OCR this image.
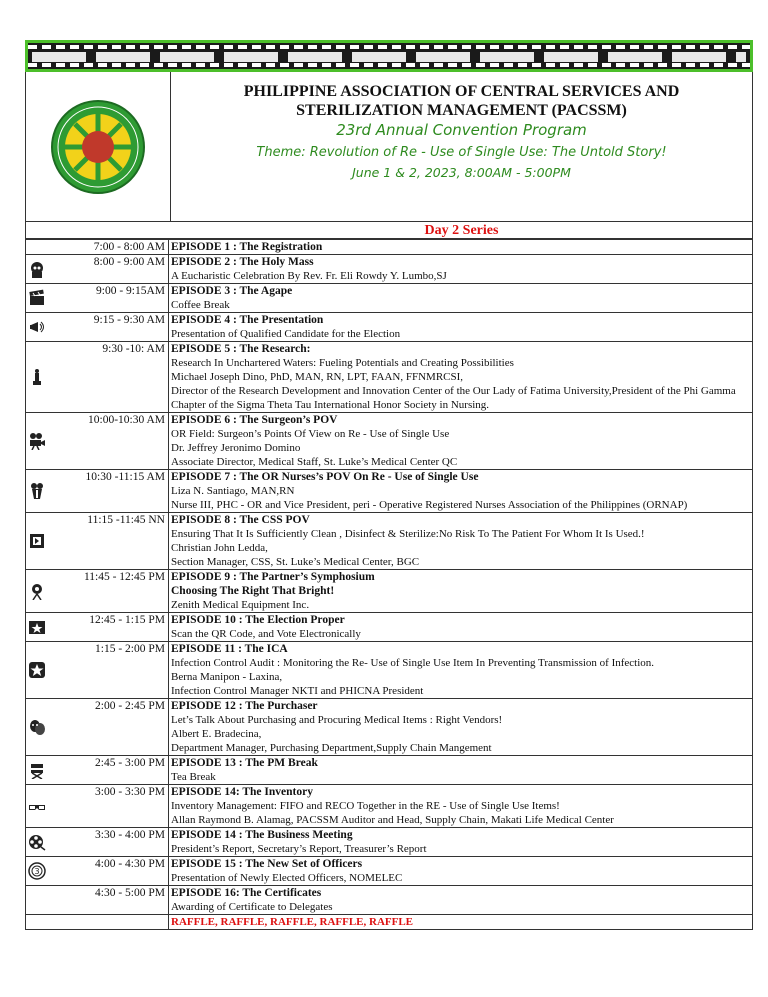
PHILIPPINE ASSOCIATION OF CENTRAL SERVICES AND
STERILIZATION MANAGEMENT (PACSSM)
23rd Annual Convention Program
Theme: Revolution of Re - Use of Single Use: The Untold Story!
June 1 & 2, 2023, 8:00AM - 5:00PM
Day 2 Series
	7:00 - 8:00 AM	EPISODE 1 : The Registration

	8:00 - 9:00 AM	EPISODE 2 : The Holy Mass
A Eucharistic Celebration By Rev. Fr. Eli Rowdy Y. Lumbo,SJ

	9:00 - 9:15AM	EPISODE 3 : The Agape
Coffee Break

	9:15 - 9:30 AM	EPISODE 4 : The Presentation
Presentation of Qualified Candidate for the Election

	9:30 -10: AM	EPISODE 5 : The Research:
Research In Unchartered Waters: Fueling Potentials and Creating Possibilities
Michael Joseph Dino, PhD, MAN, RN, LPT, FAAN, FFNMRCSI,
Director of the Research Development and Innovation Center of the Our Lady of Fatima University,President of the Phi Gamma Chapter of the Sigma Theta Tau International Honor Society in Nursing.

	10:00-10:30 AM	EPISODE 6 : The Surgeon’s POV
OR Field: Surgeon’s Points Of View on Re - Use of Single Use
Dr. Jeffrey Jeronimo Domino
Associate Director, Medical Staff, St. Luke’s Medical Center QC

	10:30 -11:15 AM	EPISODE 7 : The OR Nurses’s POV On Re - Use of Single Use
Liza N. Santiago, MAN,RN
Nurse III, PHC - OR and Vice President, peri - Operative Registered Nurses Association of the Philippines (ORNAP)

	11:15 -11:45 NN	EPISODE 8 : The CSS POV
Ensuring That It Is Sufficiently Clean , Disinfect & Sterilize:No Risk To The Patient For Whom It Is Used.!
Christian John Ledda,
Section Manager, CSS, St. Luke’s Medical Center, BGC

	11:45 - 12:45 PM	EPISODE 9 : The Partner’s Symphosium
Choosing The Right That Bright!
Zenith Medical Equipment Inc.

	12:45 - 1:15 PM	EPISODE 10 : The Election Proper
Scan the QR Code, and Vote Electronically

	1:15 - 2:00 PM	EPISODE 11 : The ICA
Infection Control Audit : Monitoring the Re- Use of Single Use Item In Preventing Transmission of Infection.
Berna Manipon - Laxina,
Infection Control Manager NKTI and PHICNA President

	2:00 - 2:45 PM	EPISODE 12 : The Purchaser
Let’s Talk About Purchasing and Procuring Medical Items : Right Vendors!
Albert E. Bradecina,
Department Manager, Purchasing Department,Supply Chain Mangement

	2:45 - 3:00 PM	EPISODE 13 : The PM Break
Tea Break

	3:00 - 3:30 PM	EPISODE 14: The Inventory
Inventory Management: FIFO and RECO Together in the RE - Use of Single Use Items!
Allan Raymond B. Alamag, PACSSM Auditor and Head, Supply Chain, Makati Life Medical Center

	3:30 - 4:00 PM	EPISODE 14 : The Business Meeting
President’s Report, Secretary’s Report, Treasurer’s Report

3	4:00 - 4:30 PM	EPISODE 15 : The New Set of Officers
Presentation of Newly Elected Officers, NOMELEC

	4:30 - 5:00 PM	EPISODE 16: The Certificates
Awarding of Certificate to Delegates

		RAFFLE, RAFFLE, RAFFLE, RAFFLE, RAFFLE
